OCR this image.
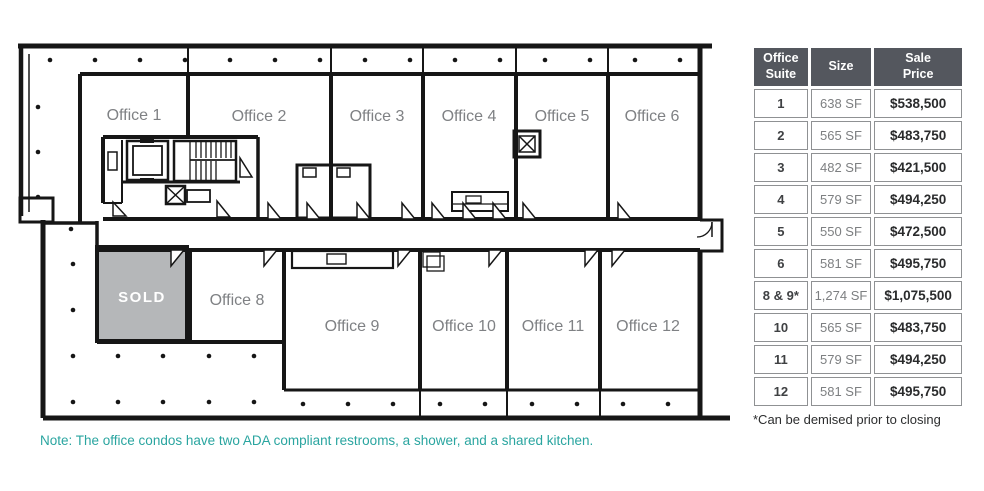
Office 1	Office 2	Office 3 Office 4 Office 5 Office 6
SOLD	Office 8
Office 9	Office 10 Office 11 Office 12
Note: The office condos have two ADA compliant restrooms, a shower, and a shared kitchen.
Office Suite	Size	Sale Price
1	638 SF	$538,500
2	565 SF	$483,750
3	482 SF	$421,500
4	579 SF	$494,250
5	550 SF	$472,500
6	581 SF	$495,750
8 & 9*	1,274 SF	$1,075,500
10	565 SF	$483,750
11	579 SF	$494,250
12	581 SF	$495,750
*Can be demised prior to closing
